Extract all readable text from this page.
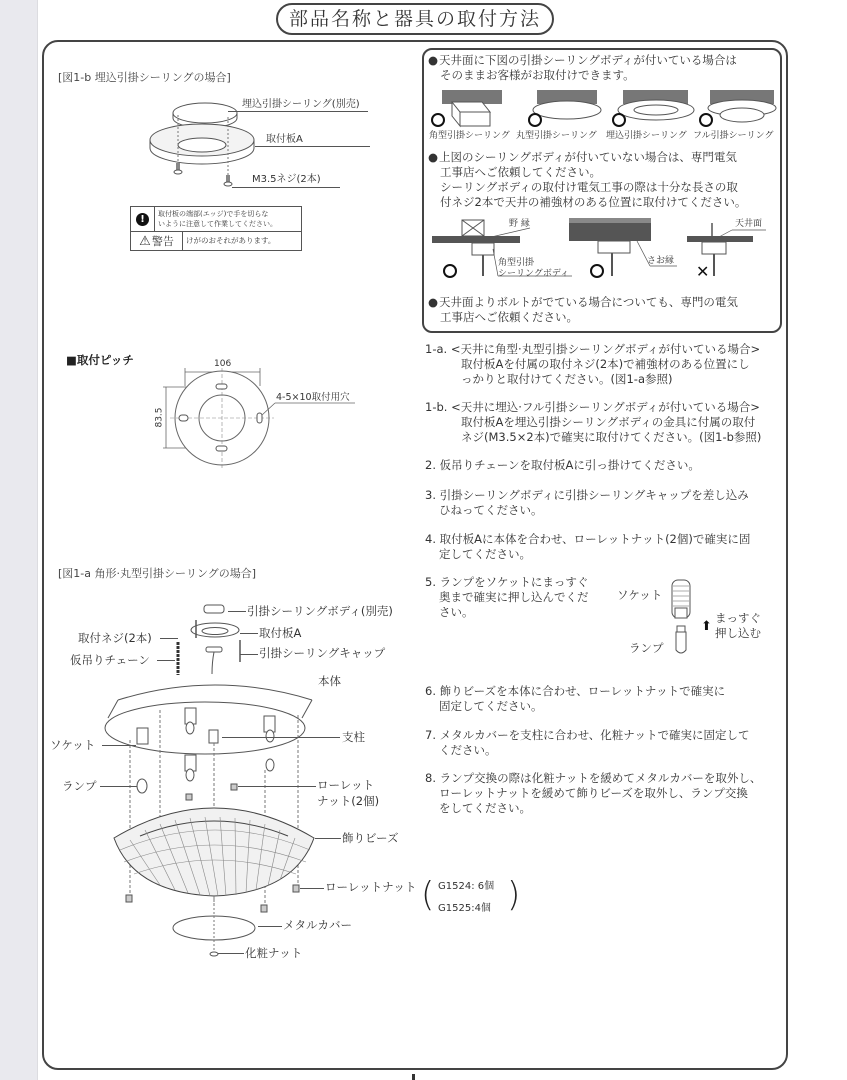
部品名称と器具の取付方法
[図1-b 埋込引掛シーリングの場合]
埋込引掛シーリング(別売)
取付板A
M3.5ネジ(2本)
!	取付板の端部(エッジ)で手を切らな
いように注意して作業してください。
⚠ 警告	けがのおそれがあります。
■取付ピッチ	106
83.5
4-5×10取付用穴
[図1-a 角形·丸型引掛シーリングの場合]
引掛シーリングボディ(別売)
取付板A
取付ネジ(2本)
仮吊りチェーン	引掛シーリングキャップ
本体
ソケット
支柱
ランプ	ローレット
ナット(2個)
飾りビーズ
ローレットナット ( G1524: 6個
G1525:4個 )
メタルカバー
化粧ナット
● 天井面に下図の引掛シーリングボディが付いている場合は
そのままお客様がお取付けできます。
角型引掛シーリング 丸型引掛シーリング 埋込引掛シーリング フル引掛シーリング
● 上図のシーリングボディが付いていない場合は、専門電気
工事店へご依頼してください。
シーリングボディの取付け電気工事の際は十分な長さの取
付ネジ2本で天井の補強材のある位置に取付けてください。
野 縁
角型引掛
シーリングボディ
さお縁
天井面
✕
● 天井面よりボルトがでている場合についても、専門の電気
工事店へご依頼ください。
1-a. <天井に角型·丸型引掛シーリングボディが付いている場合>
取付板Aを付属の取付ネジ(2本)で補強材のある位置にし
っかりと取付けてください。(図1-a参照)
1-b. <天井に埋込·フル引掛シーリングボディが付いている場合>
取付板Aを埋込引掛シーリングボディの金具に付属の取付
ネジ(M3.5×2本)で確実に取付けてください。(図1-b参照)
2. 仮吊りチェーンを取付板Aに引っ掛けてください。
3. 引掛シーリングボディに引掛シーリングキャップを差し込み
ひねってください。
4. 取付板Aに本体を合わせ、ローレットナット(2個)で確実に固
定してください。
5. ランプをソケットにまっすぐ
奥まで確実に押し込んでくだ
さい。
ソケット
⬆
まっすぐ
押し込む
ランプ
6. 飾りビーズを本体に合わせ、ローレットナットで確実に
固定してください。
7. メタルカバーを支柱に合わせ、化粧ナットで確実に固定して
ください。
8. ランプ交換の際は化粧ナットを緩めてメタルカバーを取外し、
ローレットナットを緩めて飾りビーズを取外し、ランプ交換
をしてください。
